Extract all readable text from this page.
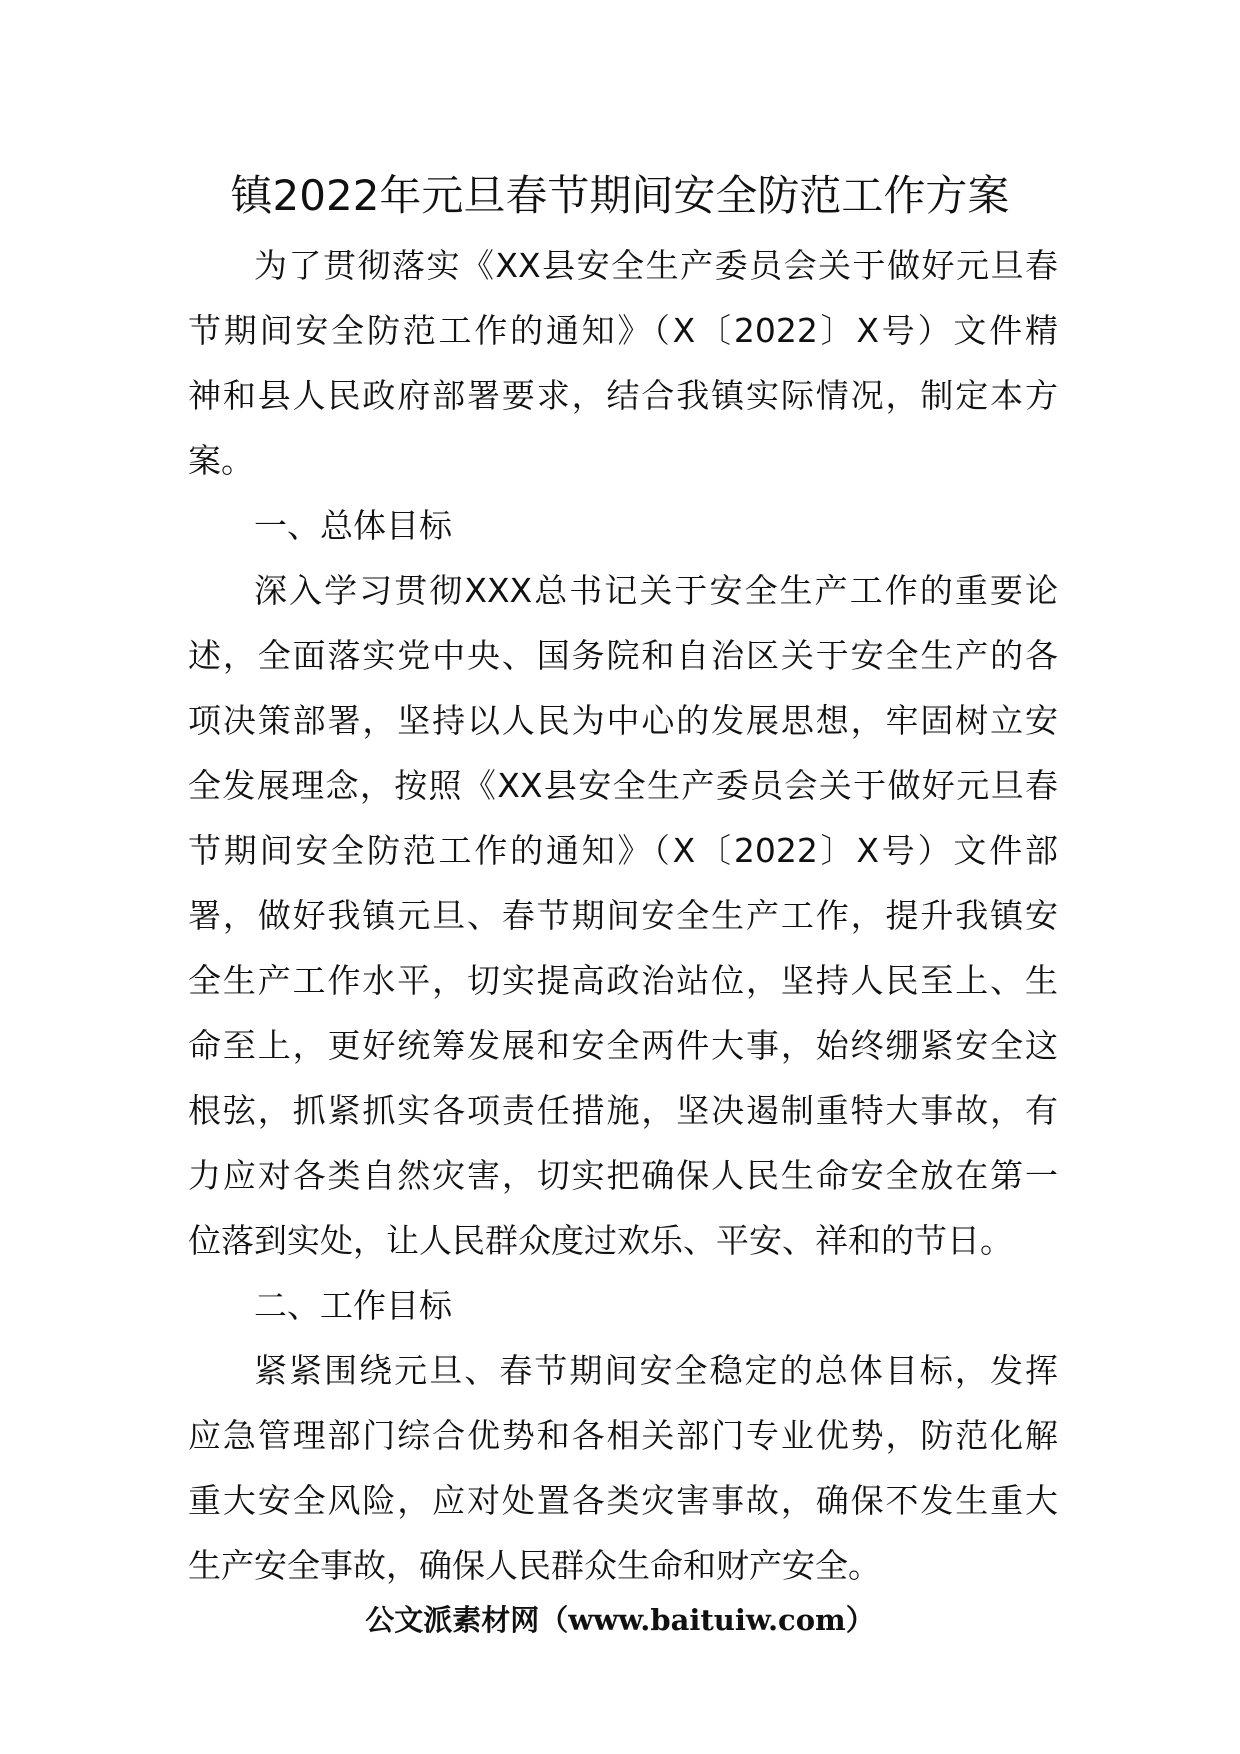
镇2022年元旦春节期间安全防范工作方案
为了贯彻落实《XX县安全生产委员会关于做好元旦春
节期间安全防范工作的通知》（X〔2022〕X号）文件精
神和县人民政府部署要求，结合我镇实际情况，制定本方
案。
一、总体目标
深入学习贯彻XXX总书记关于安全生产工作的重要论
述，全面落实党中央、国务院和自治区关于安全生产的各
项决策部署，坚持以人民为中心的发展思想，牢固树立安
全发展理念，按照《XX县安全生产委员会关于做好元旦春
节期间安全防范工作的通知》（X〔2022〕X号）文件部
署，做好我镇元旦、春节期间安全生产工作，提升我镇安
全生产工作水平，切实提高政治站位，坚持人民至上、生
命至上，更好统筹发展和安全两件大事，始终绷紧安全这
根弦，抓紧抓实各项责任措施，坚决遏制重特大事故，有
力应对各类自然灾害，切实把确保人民生命安全放在第一
位落到实处，让人民群众度过欢乐、平安、祥和的节日。
二、工作目标
紧紧围绕元旦、春节期间安全稳定的总体目标，发挥
应急管理部门综合优势和各相关部门专业优势，防范化解
重大安全风险，应对处置各类灾害事故，确保不发生重大
生产安全事故，确保人民群众生命和财产安全。
公文派素材网（www.baituiw.com）
